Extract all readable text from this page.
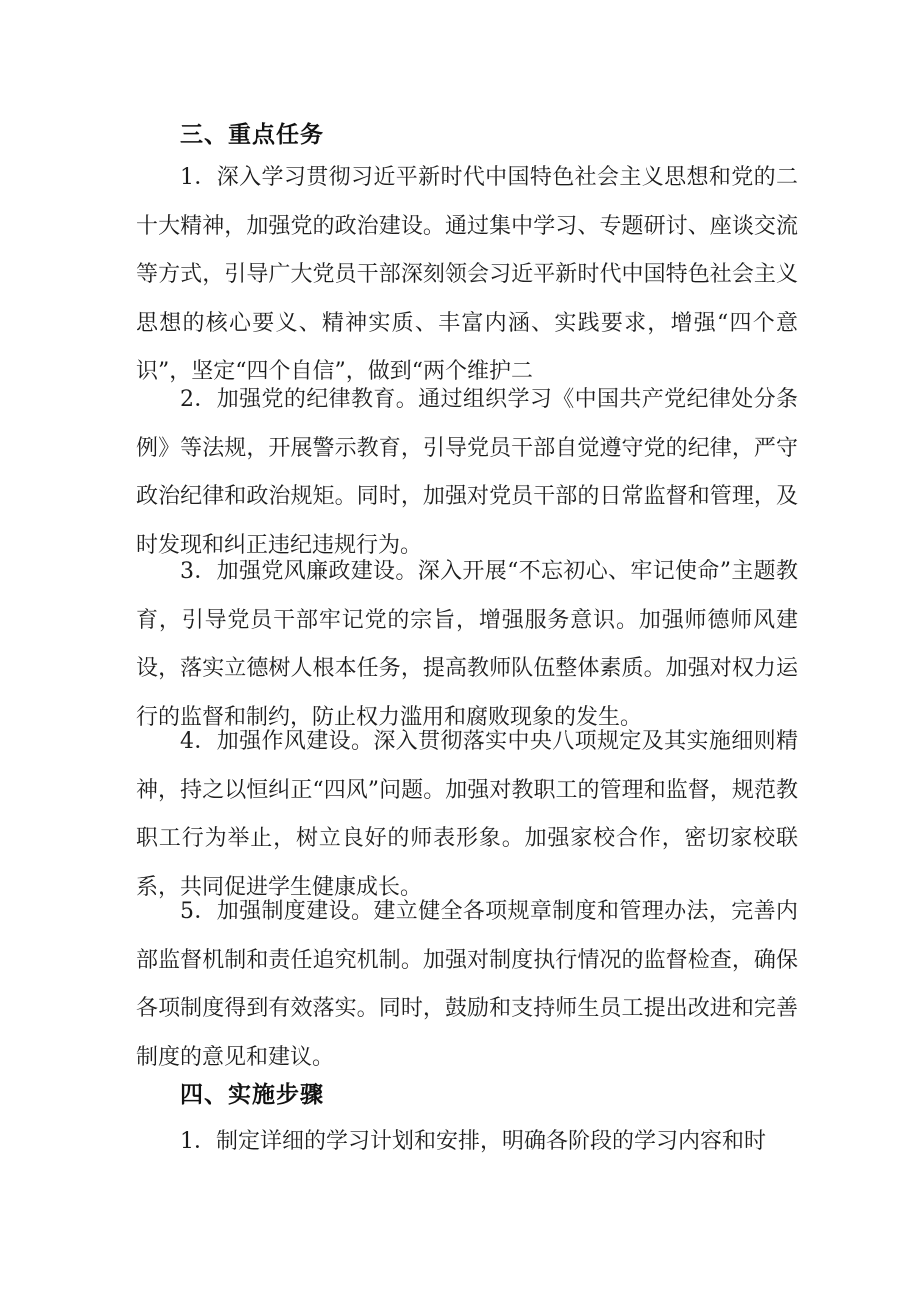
三、重点任务
1．深入学习贯彻习近平新时代中国特色社会主义思想和党的二十大精神，加强党的政治建设。通过集中学习、专题研讨、座谈交流等方式，引导广大党员干部深刻领会习近平新时代中国特色社会主义思想的核心要义、精神实质、丰富内涵、实践要求，增强“四个意识”，坚定“四个自信”，做到“两个维护二
2．加强党的纪律教育。通过组织学习《中国共产党纪律处分条例》等法规，开展警示教育，引导党员干部自觉遵守党的纪律，严守政治纪律和政治规矩。同时，加强对党员干部的日常监督和管理，及时发现和纠正违纪违规行为。
3．加强党风廉政建设。深入开展“不忘初心、牢记使命”主题教育，引导党员干部牢记党的宗旨，增强服务意识。加强师德师风建设，落实立德树人根本任务，提高教师队伍整体素质。加强对权力运行的监督和制约，防止权力滥用和腐败现象的发生。
4．加强作风建设。深入贯彻落实中央八项规定及其实施细则精神，持之以恒纠正“四风”问题。加强对教职工的管理和监督，规范教职工行为举止，树立良好的师表形象。加强家校合作，密切家校联系，共同促进学生健康成长。
5．加强制度建设。建立健全各项规章制度和管理办法，完善内部监督机制和责任追究机制。加强对制度执行情况的监督检查，确保各项制度得到有效落实。同时，鼓励和支持师生员工提出改进和完善制度的意见和建议。
四、实施步骤
1．制定详细的学习计划和安排，明确各阶段的学习内容和时
